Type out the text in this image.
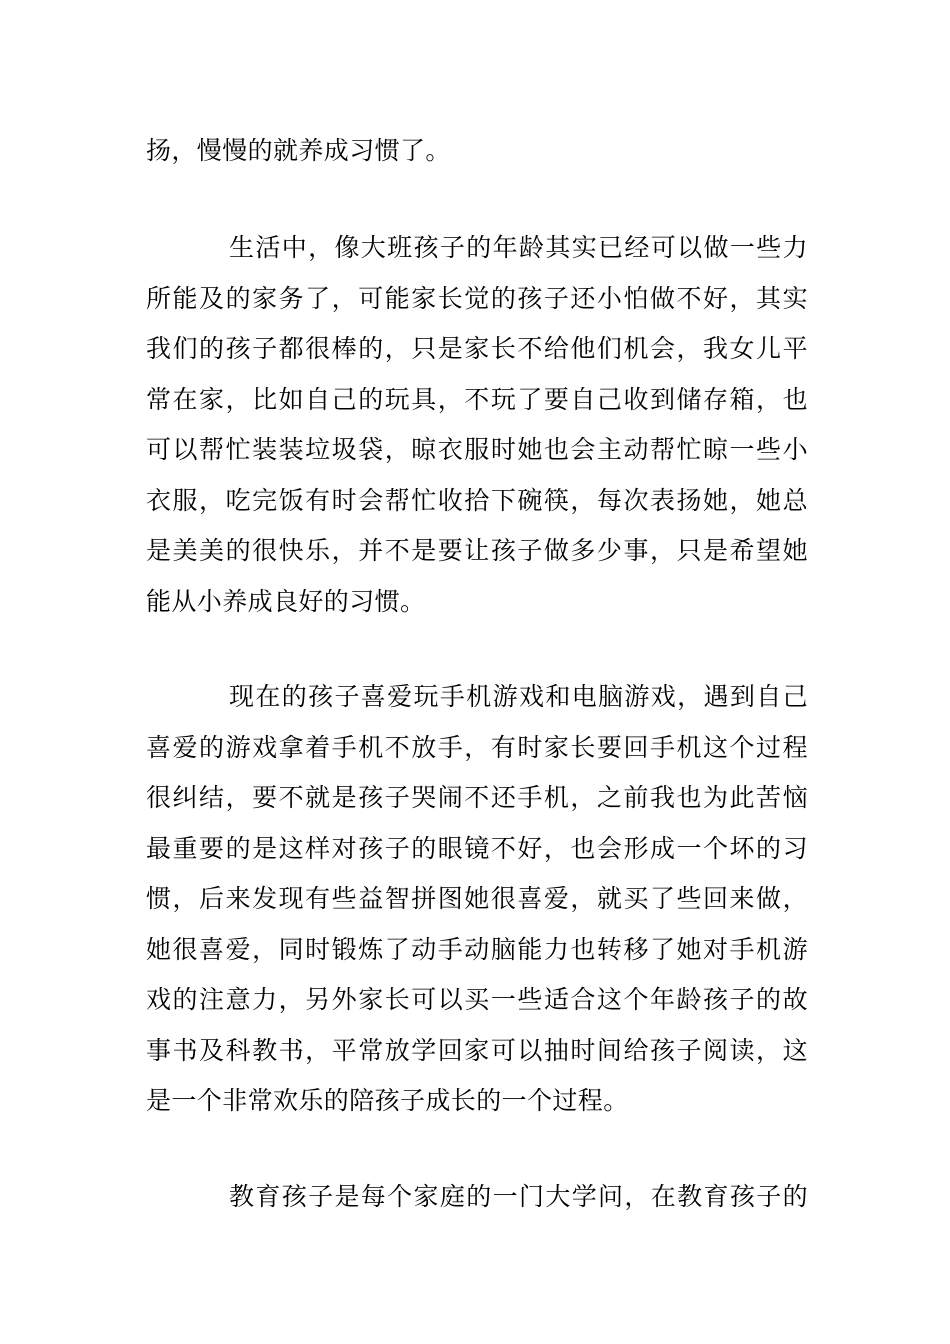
扬，慢慢的就养成习惯了。
生活中，像大班孩子的年龄其实已经可以做一些力
所能及的家务了，可能家长觉的孩子还小怕做不好，其实
我们的孩子都很棒的，只是家长不给他们机会，我女儿平
常在家，比如自己的玩具，不玩了要自己收到储存箱，也
可以帮忙装装垃圾袋，晾衣服时她也会主动帮忙晾一些小
衣服，吃完饭有时会帮忙收拾下碗筷，每次表扬她，她总
是美美的很快乐，并不是要让孩子做多少事，只是希望她
能从小养成良好的习惯。
现在的孩子喜爱玩手机游戏和电脑游戏，遇到自己
喜爱的游戏拿着手机不放手，有时家长要回手机这个过程
很纠结，要不就是孩子哭闹不还手机，之前我也为此苦恼
最重要的是这样对孩子的眼镜不好，也会形成一个坏的习
惯，后来发现有些益智拼图她很喜爱，就买了些回来做，
她很喜爱，同时锻炼了动手动脑能力也转移了她对手机游
戏的注意力，另外家长可以买一些适合这个年龄孩子的故
事书及科教书，平常放学回家可以抽时间给孩子阅读，这
是一个非常欢乐的陪孩子成长的一个过程。
教育孩子是每个家庭的一门大学问，在教育孩子的
